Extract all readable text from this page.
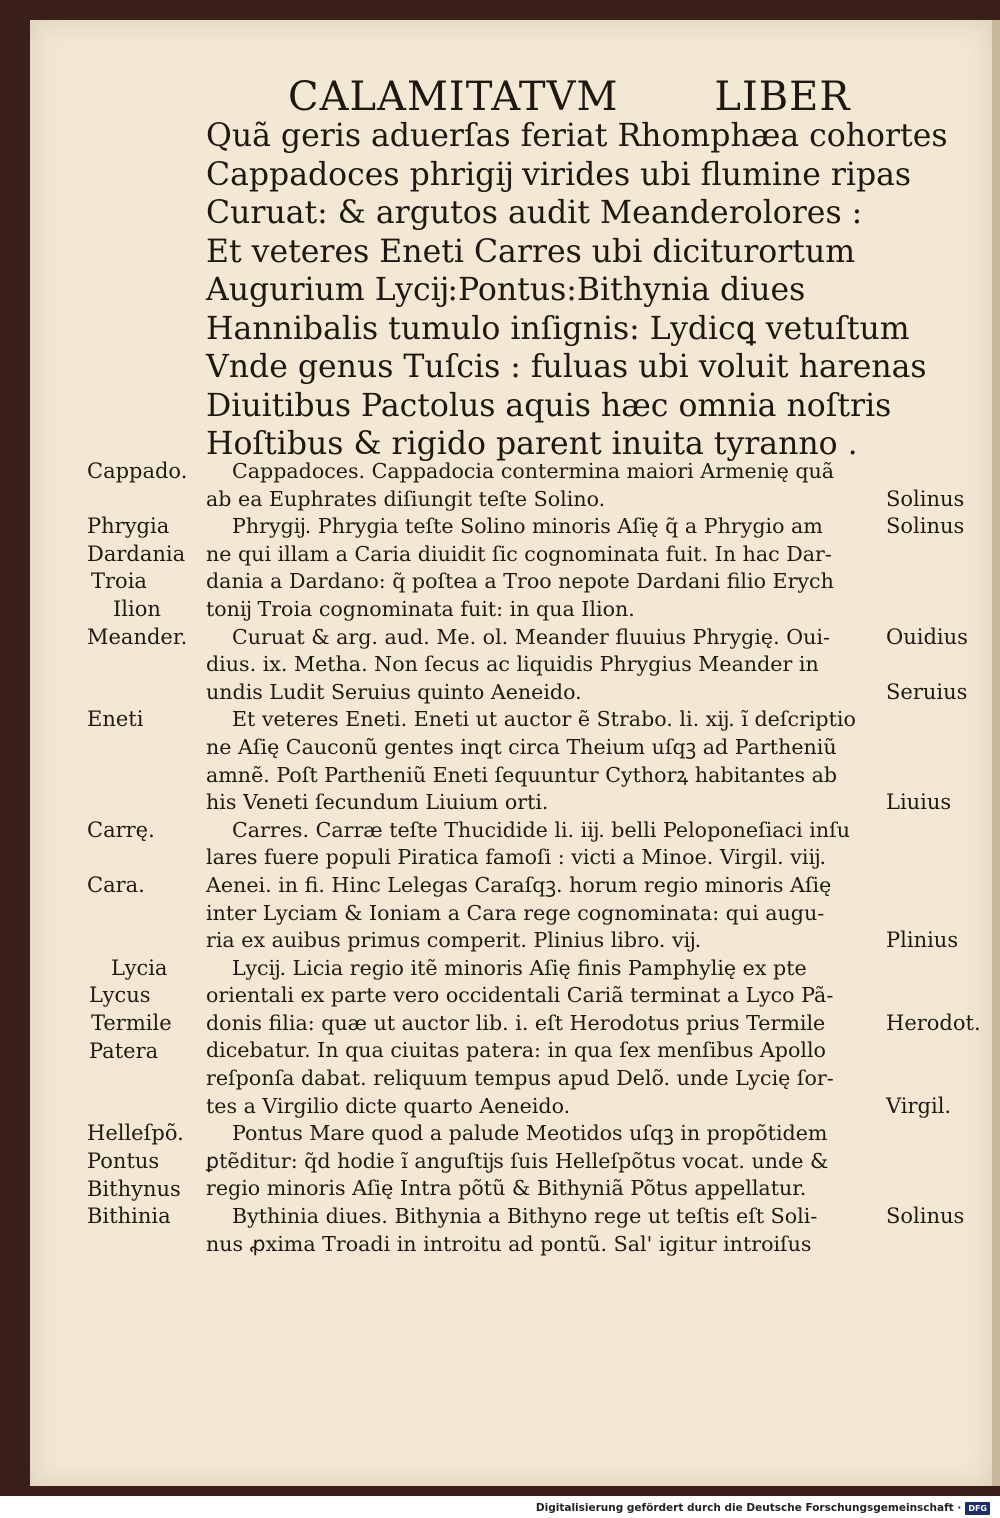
CALAMITATVM       LIBER
Quã geris aduerſas feriat Rhomphæa cohortes
Cappadoces phrigĳ virides ubi flumine ripas
Curuat: & argutos audit Meanderolores :
Et veteres Eneti Carres ubi diciturortum
Augurium Lycĳ:Pontus:Bithynia diues
Hannibalis tumulo inſignis: Lydicꝗ vetuſtum
Vnde genus Tuſcis : fuluas ubi voluit harenas
Diuitibus Pactolus aquis hæc omnia noſtris
Hoſtibus & rigido parent inuita tyranno .
Cappadoces. Cappadocia contermina maiori Armenię quã
ab ea Euphrates diſiungit teſte Solino.
Phrygĳ. Phrygia teſte Solino minoris Aſię q̃ a Phrygio am
ne qui illam a Caria diuidit ſic cognominata fuit. In hac Dar-
dania a Dardano: q̃ poſtea a Troo nepote Dardani filio Erych
tonĳ Troia cognominata fuit: in qua Ilion.
Curuat & arg. aud. Me. ol. Meander fluuius Phrygię. Oui-
dius. ix. Metha. Non ſecus ac liquidis Phrygius Meander in
undis Ludit Seruius quinto Aeneido.
Et veteres Eneti. Eneti ut auctor ẽ Strabo. li. xĳ. ĩ deſcriptio
ne Aſię Cauconũ gentes inqt circa Theium uſqꝫ ad Partheniũ
amnẽ. Poſt Partheniũ Eneti ſequuntur Cythorꝝ habitantes ab
his Veneti ſecundum Liuium orti.
Carres. Carræ teſte Thucidide li. iĳ. belli Peloponeſiaci inſu
lares fuere populi Piratica famoſi : victi a Minoe. Virgil. viĳ.
Aenei. in fi. Hinc Lelegas Caraſqꝫ. horum regio minoris Aſię
inter Lyciam & Ioniam a Cara rege cognominata: qui augu-
ria ex auibus primus comperit. Plinius libro. vĳ.
Lycĳ. Licia regio itẽ minoris Aſię finis Pamphylię ex pte
orientali ex parte vero occidentali Cariã terminat a Lyco Pã-
donis filia: quæ ut auctor lib. i. eſt Herodotus prius Termile
dicebatur. In qua ciuitas patera: in qua ſex menſibus Apollo
reſponſa dabat. reliquum tempus apud Delõ. unde Lycię ſor-
tes a Virgilio dicte quarto Aeneido.
Pontus Mare quod a palude Meotidos uſqꝫ in propõtidem
ꝑtẽditur: q̃d hodie ĩ anguſtĳs ſuis Helleſpõtus vocat. unde &
regio minoris Aſię Intra põtũ & Bithyniã Põtus appellatur.
Bythinia diues. Bithynia a Bithyno rege ut teſtis eſt Soli-
nus ꝓxima Troadi in introitu ad pontũ. Sal' igitur introiſus
Cappado.
Phrygia
Dardania
Troia
Ilion
Meander.
Eneti
Carrę.
Cara.
Lycia
Lycus
Termile
Patera
Helleſpõ.
Pontus
Bithynus
Bithinia
Solinus
Solinus
Ouidius
Seruius
Liuius
Plinius
Herodot.
Virgil.
Solinus
Digitalisierung gefördert durch die Deutsche Forschungsgemeinschaft · DFG
